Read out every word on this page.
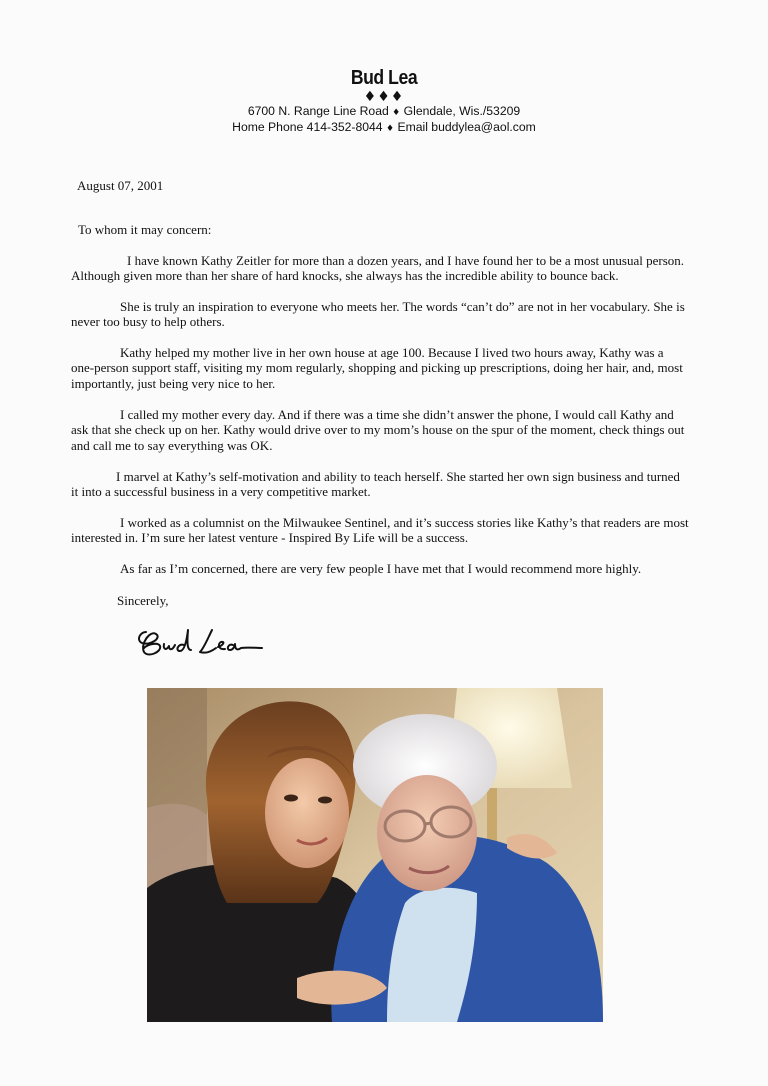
Bud Lea
♦♦♦
6700 N. Range Line Road ♦ Glendale, Wis./53209
Home Phone 414-352-8044 ♦ Email buddylea@aol.com
August 07, 2001
To whom it may concern:

I have known Kathy Zeitler for more than a dozen years, and I have found her to be a most unusual person. Although given more than her share of hard knocks, she always has the incredible ability to bounce back.

She is truly an inspiration to everyone who meets her. The words “can’t do” are not in her vocabulary. She is never too busy to help others.

Kathy helped my mother live in her own house at age 100. Because I lived two hours away, Kathy was a one-person support staff, visiting my mom regularly, shopping and picking up prescriptions, doing her hair, and, most importantly, just being very nice to her.

I called my mother every day. And if there was a time she didn’t answer the phone, I would call Kathy and ask that she check up on her. Kathy would drive over to my mom’s house on the spur of the moment, check things out and call me to say everything was OK.

I marvel at Kathy’s self-motivation and ability to teach herself. She started her own sign business and turned it into a successful business in a very competitive market.

I worked as a columnist on the Milwaukee Sentinel, and it’s success stories like Kathy’s that readers are most interested in. I’m sure her latest venture - Inspired By Life will be a success.

As far as I’m concerned, there are very few people I have met that I would recommend more highly.

Sincerely,
